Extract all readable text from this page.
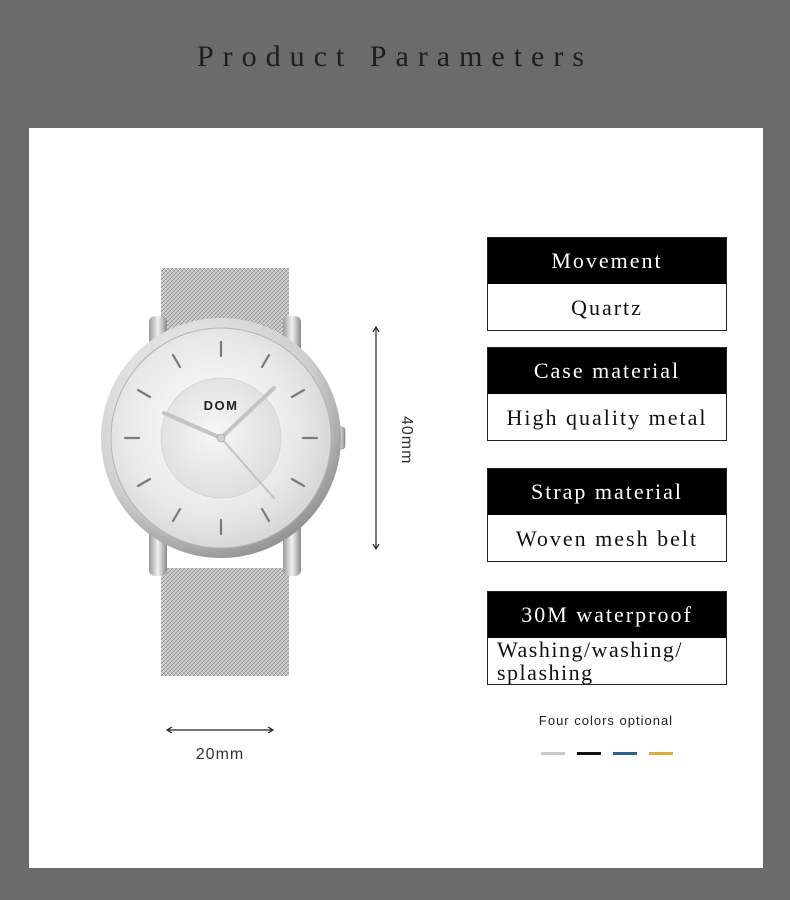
Product Parameters
DOM
40mm
20mm
Movement
Quartz
Case material
High quality metal
Strap material
Woven mesh belt
30M waterproof
Washing/washing/ splashing
Four colors optional
